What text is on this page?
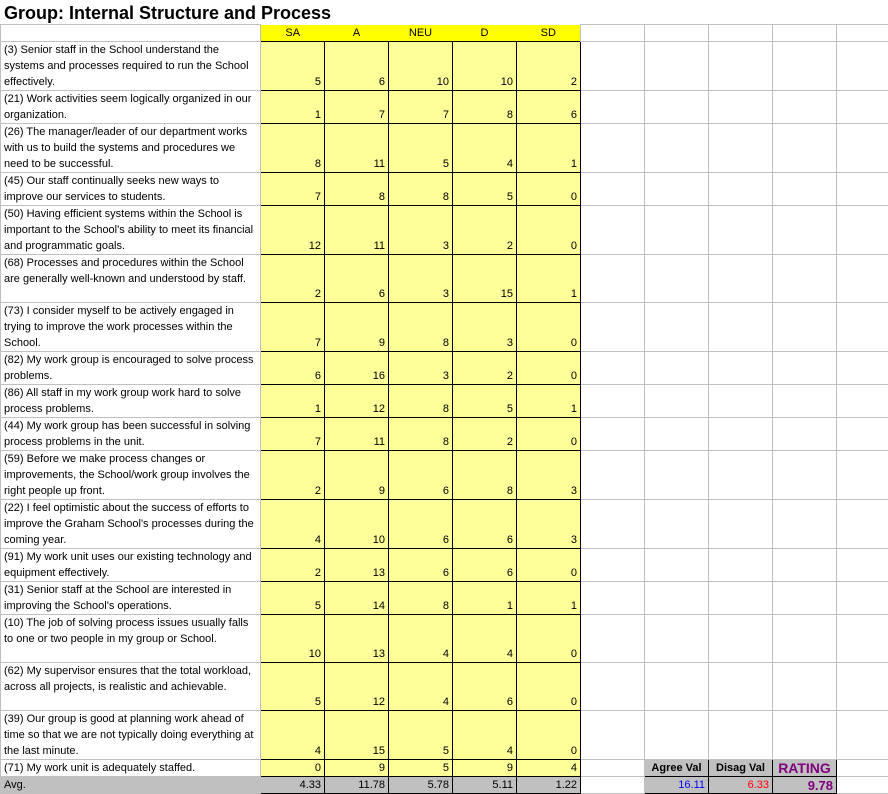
Group: Internal Structure and Process
	SA	A	NEU	D	SD					
(3) Senior staff in the School understand the systems and processes required to run the School effectively.	5	6	10	10	2					
(21) Work activities seem logically organized in our organization.	1	7	7	8	6					
(26) The manager/leader of our department works with us to build the systems and procedures we need to be successful.	8	11	5	4	1					
(45) Our staff continually seeks new ways to improve our services to students.	7	8	8	5	0					
(50) Having efficient systems within the School is important to the School's ability to meet its financial and programmatic goals.	12	11	3	2	0					
(68) Processes and procedures within the School are generally well-known and understood by staff.	2	6	3	15	1					
(73) I consider myself to be actively engaged in trying to improve the work processes within the School.	7	9	8	3	0					
(82) My work group is encouraged to solve process problems.	6	16	3	2	0					
(86) All staff in my work group work hard to solve process problems.	1	12	8	5	1					
(44) My work group has been successful in solving process problems in the unit.	7	11	8	2	0					
(59) Before we make process changes or improvements, the School/work group involves the right people up front.	2	9	6	8	3					
(22) I feel optimistic about the success of efforts to improve the Graham School's processes during the coming year.	4	10	6	6	3					
(91) My work unit uses our existing technology and equipment effectively.	2	13	6	6	0					
(31) Senior staff at the School are interested in improving the School's operations.	5	14	8	1	1					
(10) The job of solving process issues usually falls to one or two people in my group or School.	10	13	4	4	0					
(62) My supervisor ensures that the total workload, across all projects, is realistic and achievable.	5	12	4	6	0					
(39) Our group is good at planning work ahead of time so that we are not typically doing everything at the last minute.	4	15	5	4	0					
(71) My work unit is adequately staffed.	0	9	5	9	4		Agree Val	Disag Val	RATING	
Avg.	4.33	11.78	5.78	5.11	1.22		16.11	6.33	9.78	
